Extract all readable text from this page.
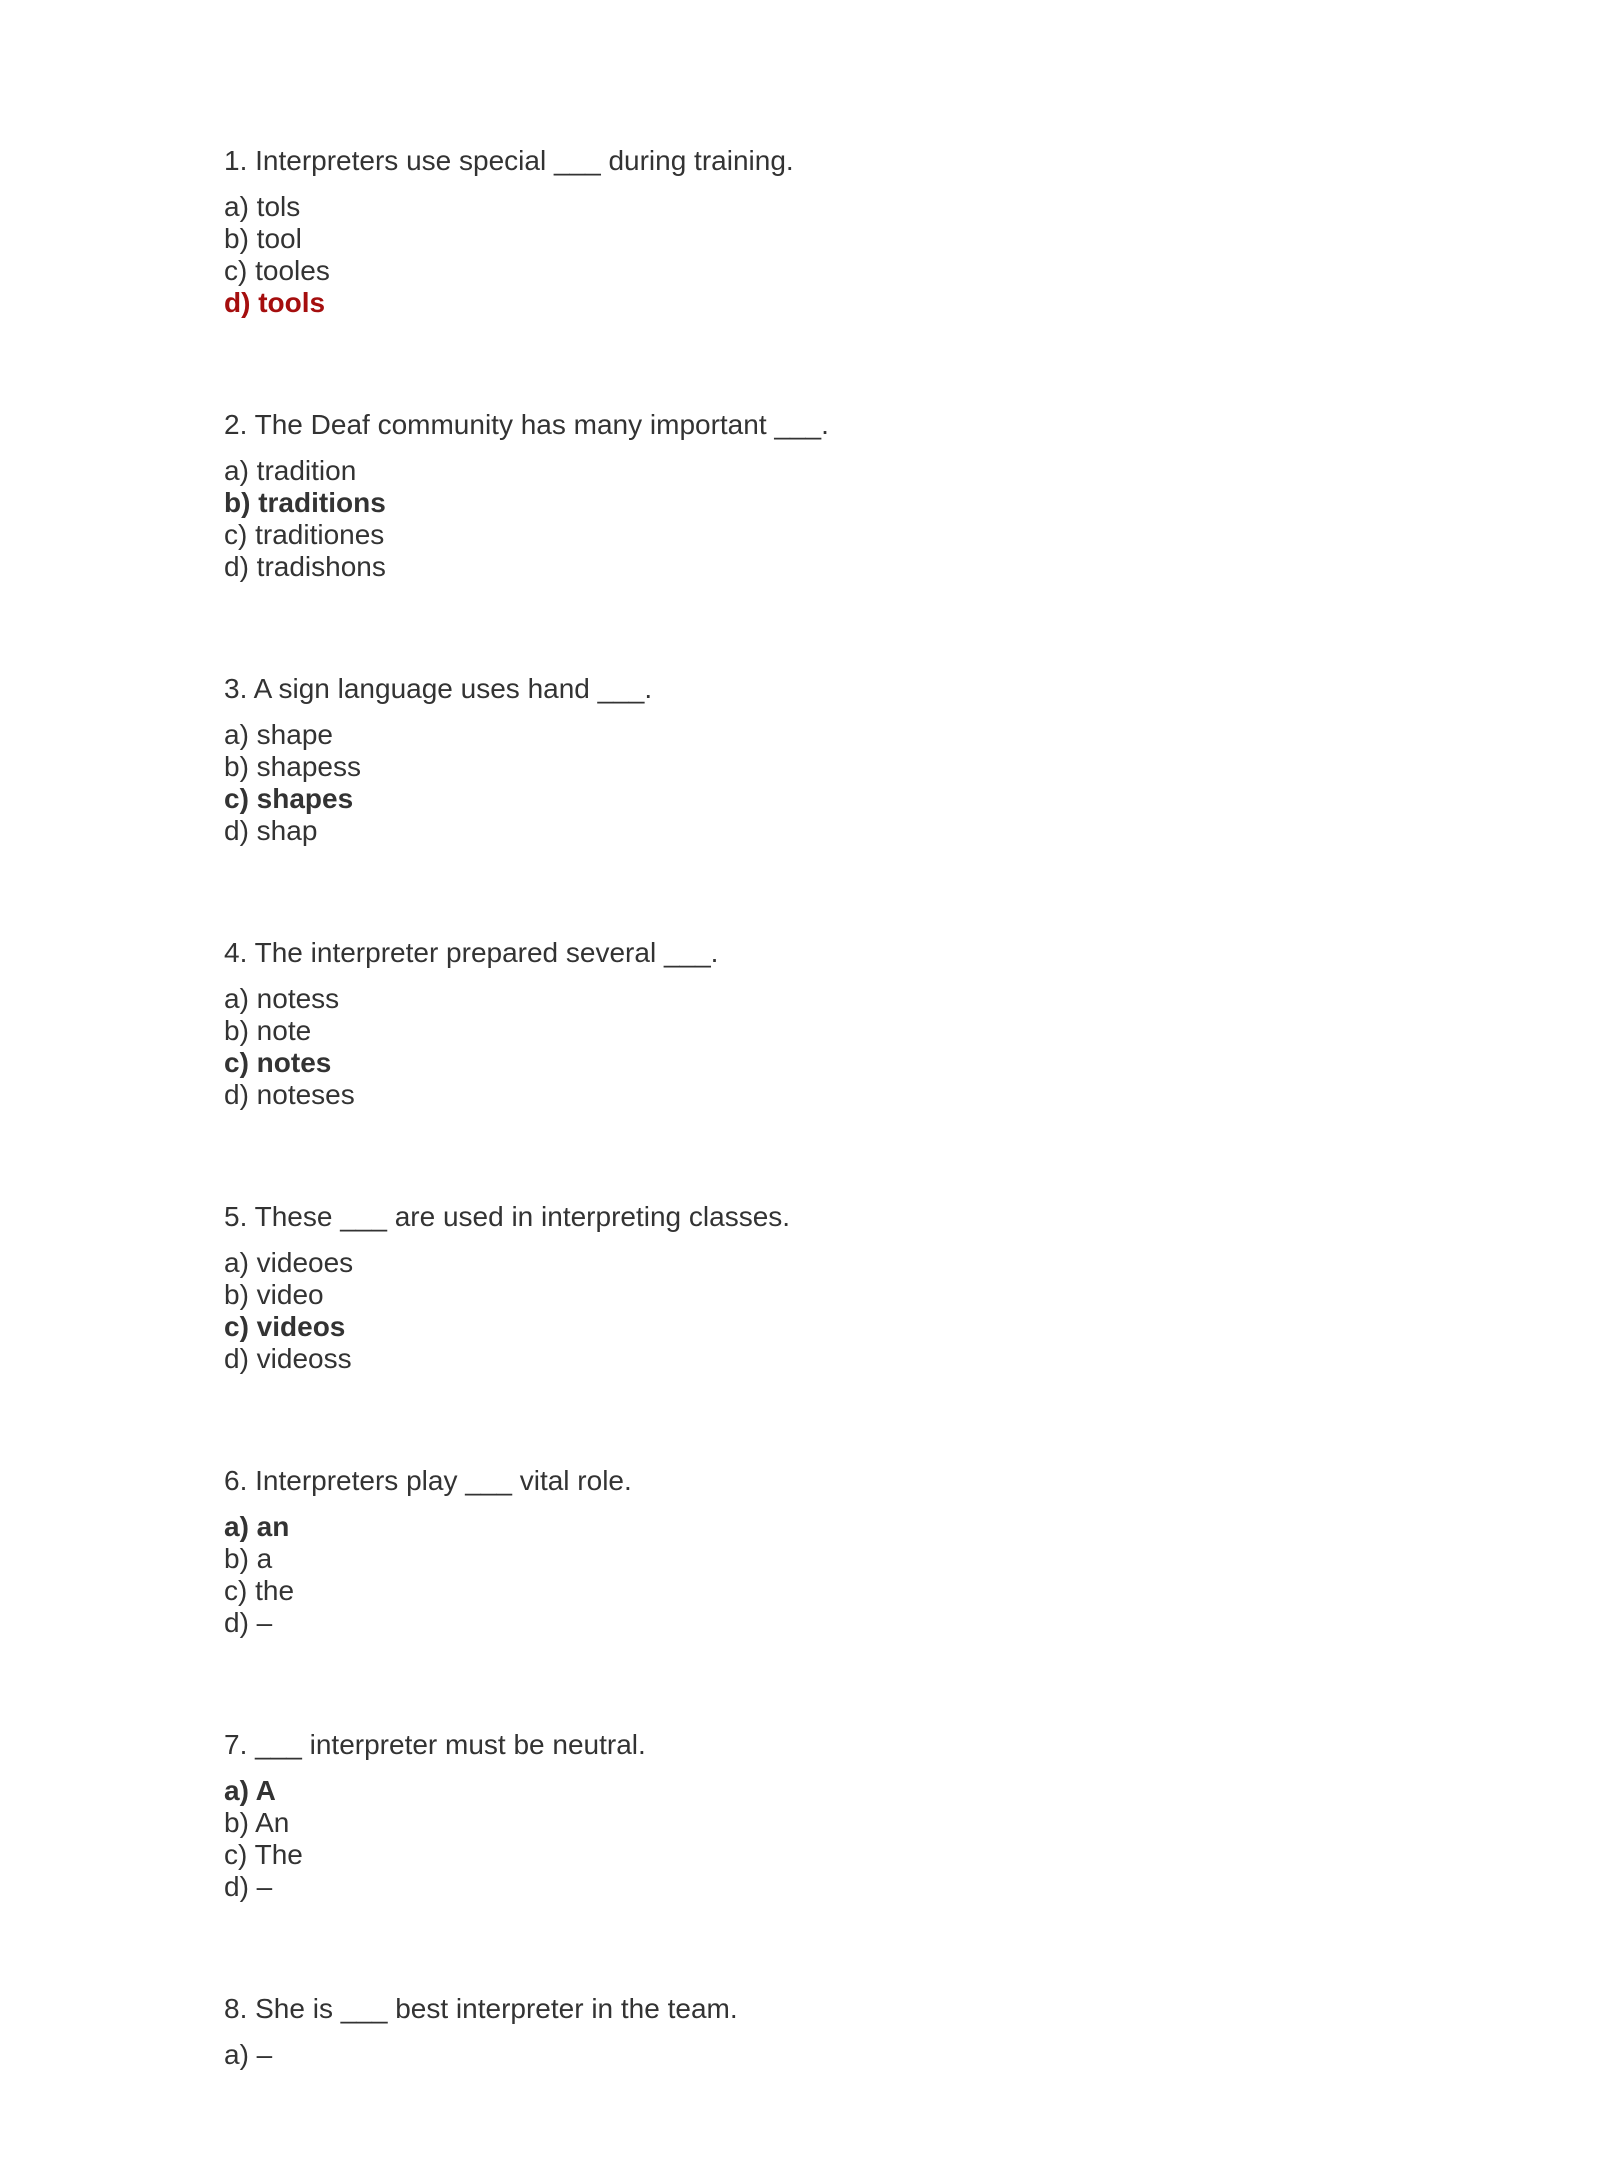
1. Interpreters use special ___ during training.
a) tols
b) tool
c) tooles
d) tools
2. The Deaf community has many important ___.
a) tradition
b) traditions
c) traditiones
d) tradishons
3. A sign language uses hand ___.
a) shape
b) shapess
c) shapes
d) shap
4. The interpreter prepared several ___.
a) notess
b) note
c) notes
d) noteses
5. These ___ are used in interpreting classes.
a) videoes
b) video
c) videos
d) videoss
6. Interpreters play ___ vital role.
a) an
b) a
c) the
d) –
7. ___ interpreter must be neutral.
a) A
b) An
c) The
d) –
8. She is ___ best interpreter in the team.
a) –
